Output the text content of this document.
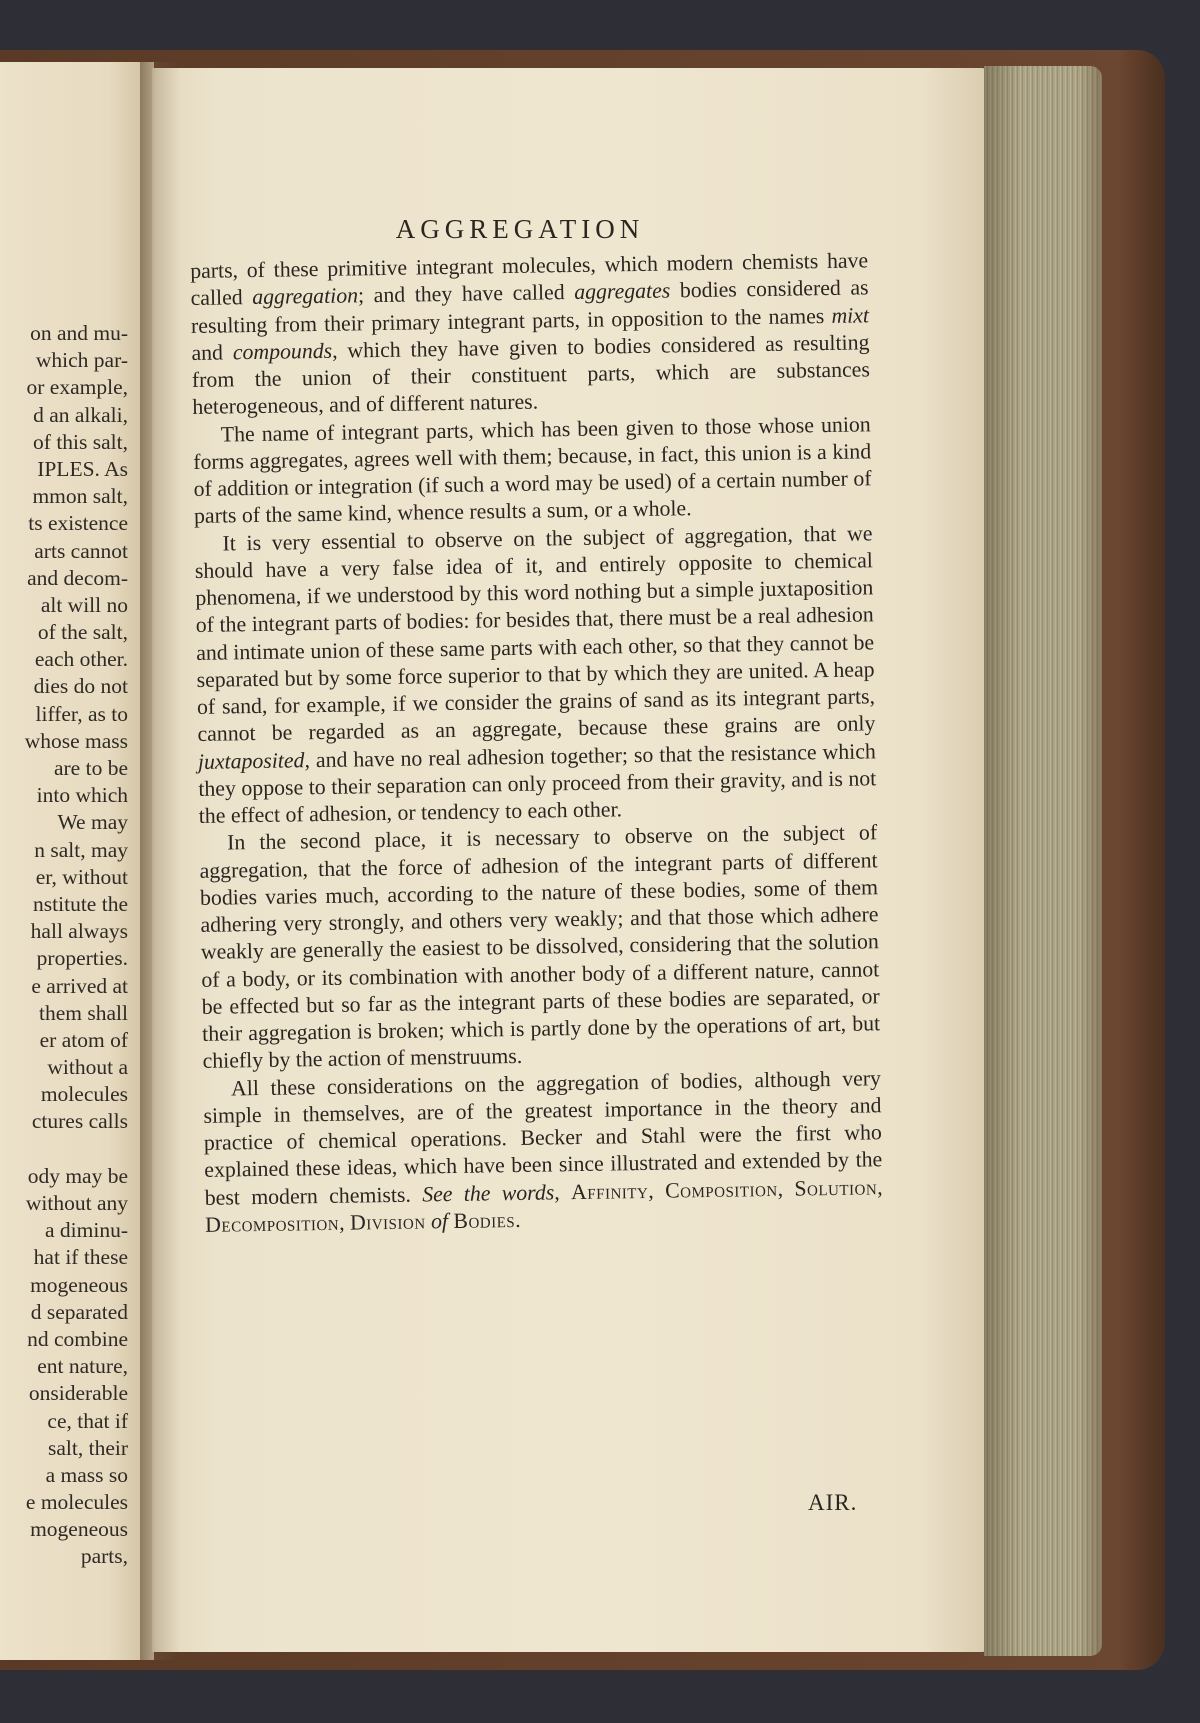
on and mu-
which par-
or example,
d an alkali,
of this salt,
IPLES. As
mmon salt,
ts existence
arts cannot
and decom-
alt will no
of the salt,
each other.
dies do not
liffer, as to
whose mass
are to be
into which
We may
n salt, may
er, without
nstitute the
hall always
properties.
e arrived at
them shall
er atom of
without a
molecules
ctures calls
ody may be
without any
a diminu-
hat if these
mogeneous
d separated
nd combine
ent nature,
onsiderable
ce, that if
salt, their
a mass so
e molecules
mogeneous
parts,
AGGREGATION

parts, of these primitive integrant molecules, which modern chemists have called aggregation; and they have called aggregates bodies considered as resulting from their primary integrant parts, in opposition to the names mixt and compounds, which they have given to bodies considered as resulting from the union of their constituent parts, which are substances heterogeneous, and of different natures.

The name of integrant parts, which has been given to those whose union forms aggregates, agrees well with them; because, in fact, this union is a kind of addition or integration (if such a word may be used) of a certain number of parts of the same kind, whence results a sum, or a whole.

It is very essential to observe on the subject of aggregation, that we should have a very false idea of it, and entirely opposite to chemical phenomena, if we understood by this word nothing but a simple juxtaposition of the integrant parts of bodies: for besides that, there must be a real adhesion and intimate union of these same parts with each other, so that they cannot be separated but by some force superior to that by which they are united. A heap of sand, for example, if we consider the grains of sand as its integrant parts, cannot be regarded as an aggregate, because these grains are only juxtaposited, and have no real adhesion together; so that the resistance which they oppose to their separation can only proceed from their gravity, and is not the effect of adhesion, or tendency to each other.

In the second place, it is necessary to observe on the subject of aggregation, that the force of adhesion of the integrant parts of different bodies varies much, according to the nature of these bodies, some of them adhering very strongly, and others very weakly; and that those which adhere weakly are generally the easiest to be dissolved, considering that the solution of a body, or its combination with another body of a different nature, cannot be effected but so far as the integrant parts of these bodies are separated, or their aggregation is broken; which is partly done by the operations of art, but chiefly by the action of menstruums.

All these considerations on the aggregation of bodies, although very simple in themselves, are of the greatest importance in the theory and practice of chemical operations. Becker and Stahl were the first who explained these ideas, which have been since illustrated and extended by the best modern chemists. See the words, Affinity, Composition, Solution, Decomposition, Division of Bodies.

AIR.
